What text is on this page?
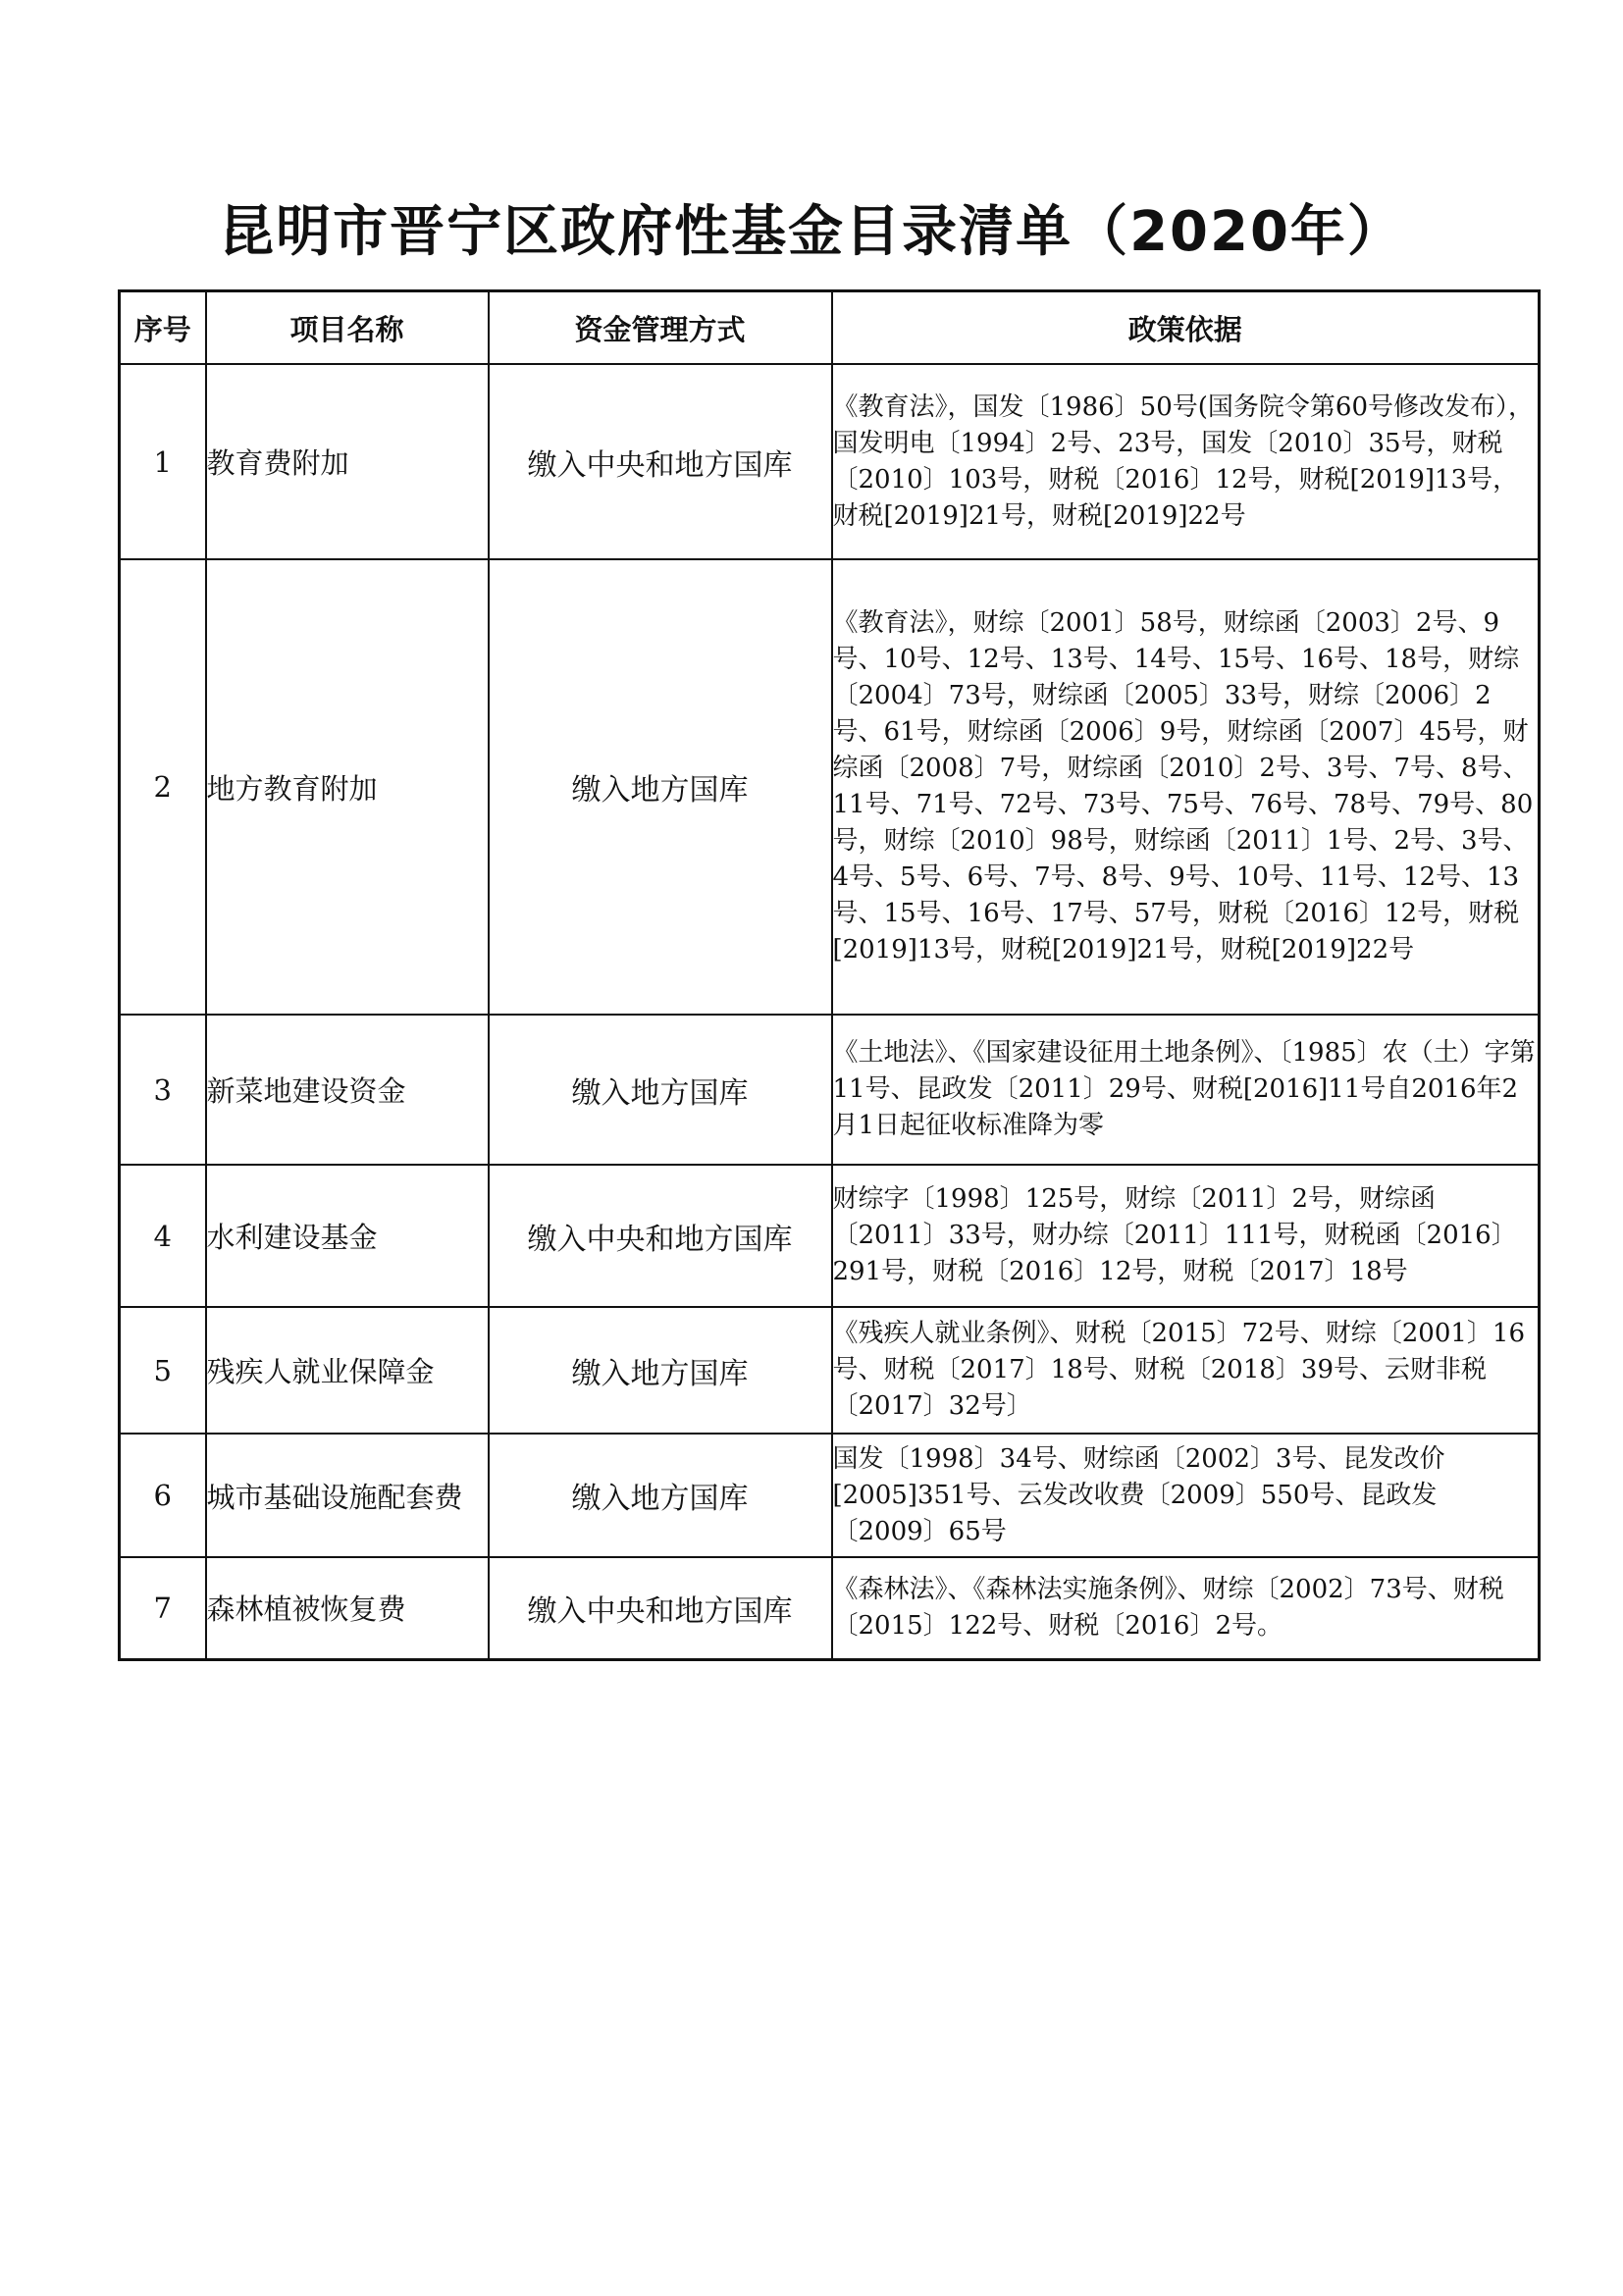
昆明市晋宁区政府性基金目录清单（2020年）
序号	项目名称	资金管理方式	政策依据
1	教育费附加	缴入中央和地方国库	《教育法》，国发〔1986〕50号(国务院令第60号修改发布），国发明电〔1994〕2号、23号，国发〔2010〕35号，财税〔2010〕103号，财税〔2016〕12号，财税[2019]13号，财税[2019]21号，财税[2019]22号
2	地方教育附加	缴入地方国库	《教育法》，财综〔2001〕58号，财综函〔2003〕2号、9号、10号、12号、13号、14号、15号、16号、18号，财综〔2004〕73号，财综函〔2005〕33号，财综〔2006〕2号、61号，财综函〔2006〕9号，财综函〔2007〕45号，财综函〔2008〕7号，财综函〔2010〕2号、3号、7号、8号、11号、71号、72号、73号、75号、76号、78号、79号、80号，财综〔2010〕98号，财综函〔2011〕1号、2号、3号、4号、5号、6号、7号、8号、9号、10号、11号、12号、13号、15号、16号、17号、57号，财税〔2016〕12号，财税[2019]13号，财税[2019]21号，财税[2019]22号
3	新菜地建设资金	缴入地方国库	《土地法》、《国家建设征用土地条例》、〔1985〕农（土）字第11号、昆政发〔2011〕29号、财税[2016]11号自2016年2月1日起征收标准降为零
4	水利建设基金	缴入中央和地方国库	财综字〔1998〕125号，财综〔2011〕2号，财综函〔2011〕33号，财办综〔2011〕111号，财税函〔2016〕291号，财税〔2016〕12号，财税〔2017〕18号
5	残疾人就业保障金	缴入地方国库	《残疾人就业条例》、财税〔2015〕72号、财综〔2001〕16号、财税〔2017〕18号、财税〔2018〕39号、云财非税〔2017〕32号〕
6	城市基础设施配套费	缴入地方国库	国发〔1998〕34号、财综函〔2002〕3号、昆发改价[2005]351号、云发改收费〔2009〕550号、昆政发〔2009〕65号
7	森林植被恢复费	缴入中央和地方国库	《森林法》、《森林法实施条例》、财综〔2002〕73号、财税〔2015〕122号、财税〔2016〕2号。
